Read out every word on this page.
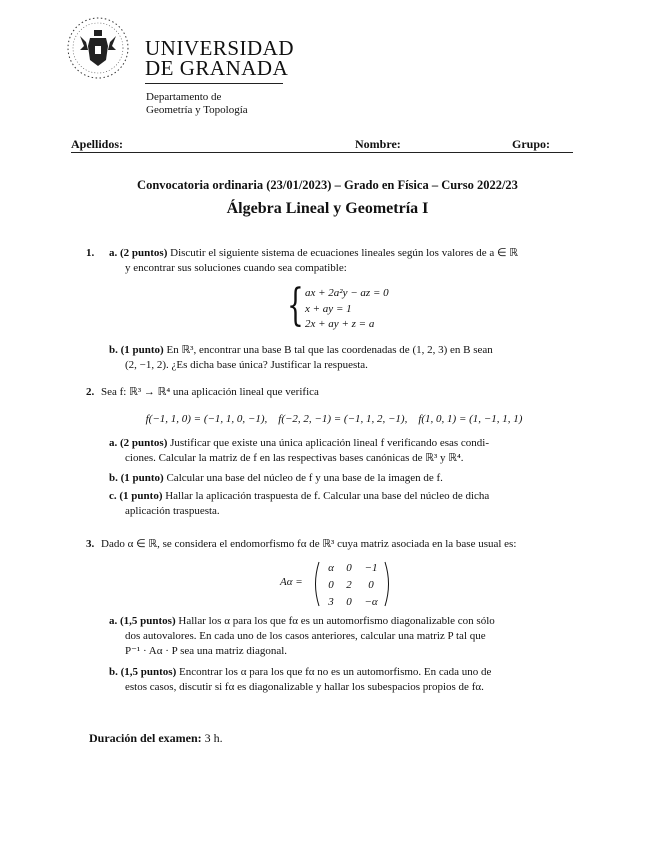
UNIVERSIDAD
DE GRANADA
Departamento de
Geometría y Topología
Apellidos:	Nombre:	Grupo:
Convocatoria ordinaria (23/01/2023) – Grado en Física – Curso 2022/23
Álgebra Lineal y Geometría I
1. a. (2 puntos) Discutir el siguiente sistema de ecuaciones lineales según los valores de a ∈ ℝ
y encontrar sus soluciones cuando sea compatible:
{ ax + 2a²y − az = 0
x + ay = 1
2x + ay + z = a
b. (1 punto) En ℝ³, encontrar una base B tal que las coordenadas de (1, 2, 3) en B sean
(2, −1, 2). ¿Es dicha base única? Justificar la respuesta.
2. Sea f: ℝ³ → ℝ⁴ una aplicación lineal que verifica
f(−1, 1, 0) = (−1, 1, 0, −1),    f(−2, 2, −1) = (−1, 1, 2, −1),    f(1, 0, 1) = (1, −1, 1, 1)
a. (2 puntos) Justificar que existe una única aplicación lineal f verificando esas condi-
ciones. Calcular la matriz de f en las respectivas bases canónicas de ℝ³ y ℝ⁴.
b. (1 punto) Calcular una base del núcleo de f y una base de la imagen de f.
c. (1 punto) Hallar la aplicación traspuesta de f. Calcular una base del núcleo de dicha
aplicación traspuesta.
3. Dado α ∈ ℝ, se considera el endomorfismo fα de ℝ³ cuya matriz asociada en la base usual es:
Aα =
α	0	−1
0	2	0
3	0	−α
a. (1,5 puntos) Hallar los α para los que fα es un automorfismo diagonalizable con sólo
dos autovalores. En cada uno de los casos anteriores, calcular una matriz P tal que
P⁻¹ · Aα · P sea una matriz diagonal.
b. (1,5 puntos) Encontrar los α para los que fα no es un automorfismo. En cada uno de
estos casos, discutir si fα es diagonalizable y hallar los subespacios propios de fα.
Duración del examen: 3 h.
